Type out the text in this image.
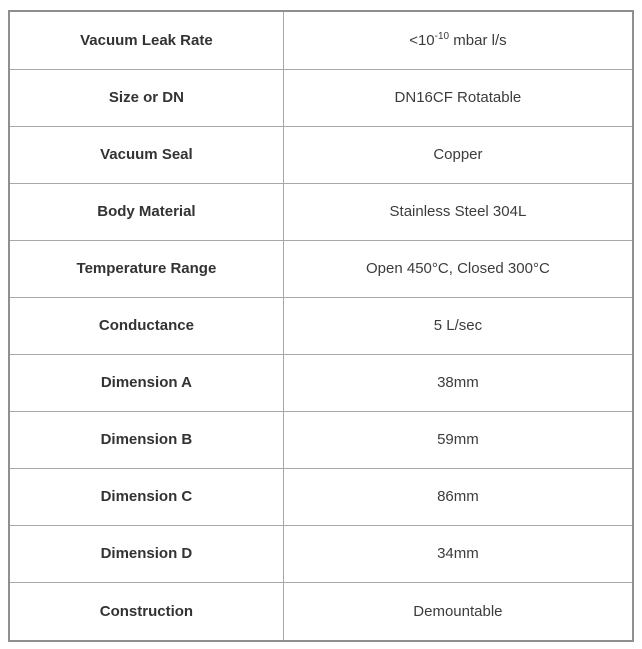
Vacuum Leak Rate	$<10^{-10}$ mbar l/s
Size or DN	DN16CF Rotatable
Vacuum Seal	Copper
Body Material	Stainless Steel 304L
Temperature Range	Open 450°C, Closed 300°C
Conductance	5 L/sec
Dimension A	38mm
Dimension B	59mm
Dimension C	86mm
Dimension D	34mm
Construction	Demountable
